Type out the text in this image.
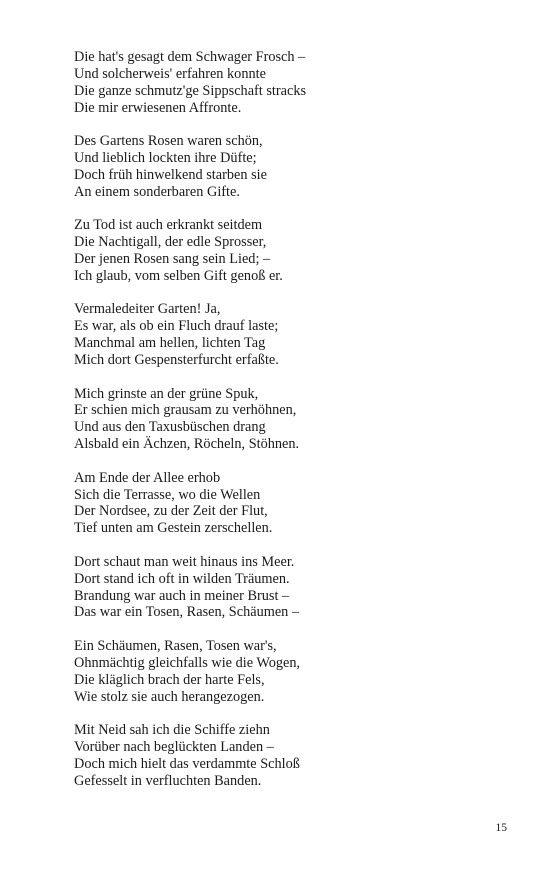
Die hat's gesagt dem Schwager Frosch –
Und solcherweis' erfahren konnte
Die ganze schmutz'ge Sippschaft stracks
Die mir erwiesenen Affronte.
Des Gartens Rosen waren schön,
Und lieblich lockten ihre Düfte;
Doch früh hinwelkend starben sie
An einem sonderbaren Gifte.
Zu Tod ist auch erkrankt seitdem
Die Nachtigall, der edle Sprosser,
Der jenen Rosen sang sein Lied; –
Ich glaub, vom selben Gift genoß er.
Vermaledeiter Garten! Ja,
Es war, als ob ein Fluch drauf laste;
Manchmal am hellen, lichten Tag
Mich dort Gespensterfurcht erfaßte.
Mich grinste an der grüne Spuk,
Er schien mich grausam zu verhöhnen,
Und aus den Taxusbüschen drang
Alsbald ein Ächzen, Röcheln, Stöhnen.
Am Ende der Allee erhob
Sich die Terrasse, wo die Wellen
Der Nordsee, zu der Zeit der Flut,
Tief unten am Gestein zerschellen.
Dort schaut man weit hinaus ins Meer.
Dort stand ich oft in wilden Träumen.
Brandung war auch in meiner Brust –
Das war ein Tosen, Rasen, Schäumen –
Ein Schäumen, Rasen, Tosen war's,
Ohnmächtig gleichfalls wie die Wogen,
Die kläglich brach der harte Fels,
Wie stolz sie auch herangezogen.
Mit Neid sah ich die Schiffe ziehn
Vorüber nach beglückten Landen –
Doch mich hielt das verdammte Schloß
Gefesselt in verfluchten Banden.
15
